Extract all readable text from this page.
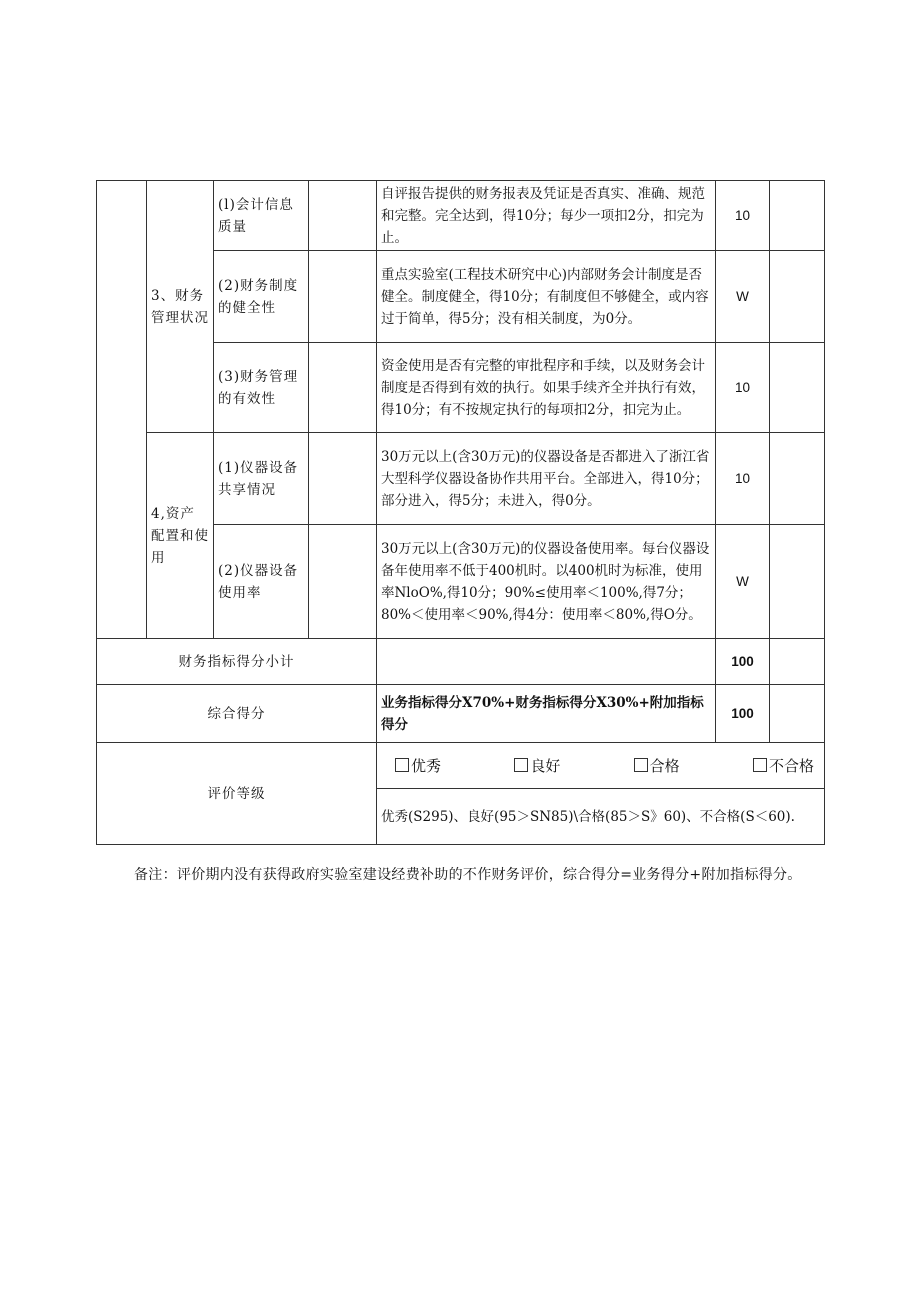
	3、财务管理状况	(l)会计信息质量		自评报告提供的财务报表及凭证是否真实、准确、规范和完整。完全达到，得10分；每少一项扣2分，扣完为止。	10	
		(2)财务制度的健全性		重点实验室(工程技术研究中心)内部财务会计制度是否健全。制度健全，得10分；有制度但不够健全，或内容过于简单，得5分；没有相关制度，为0分。	W	
		(3)财务管理的有效性		资金使用是否有完整的审批程序和手续，以及财务会计制度是否得到有效的执行。如果手续齐全并执行有效，得10分；有不按规定执行的每项扣2分，扣完为止。	10	
	4,资产配置和使用	(1)仪器设备共享情况		30万元以上(含30万元)的仪器设备是否都进入了浙江省大型科学仪器设备协作共用平台。全部进入，得10分；部分进入，得5分；未进入，得0分。	10	
		(2)仪器设备使用率		30万元以上(含30万元)的仪器设备使用率。每台仪器设备年使用率不低于400机时。以400机时为标准，使用率NloO%,得10分；90%≤使用率＜100%,得7分；80%＜使用率＜90%,得4分：使用率＜80%,得O分。	W	
财务指标得分小计					100	
综合得分				业务指标得分X70%+财务指标得分X30%+附加指标得分	100	
评价等级				优秀 良好 合格 不合格		

				优秀(S295)、良好(95＞SN85)\合格(85＞S》60)、不合格(S＜60).		
备注：评价期内没有获得政府实验室建设经费补助的不作财务评价，综合得分=业务得分+附加指标得分。
